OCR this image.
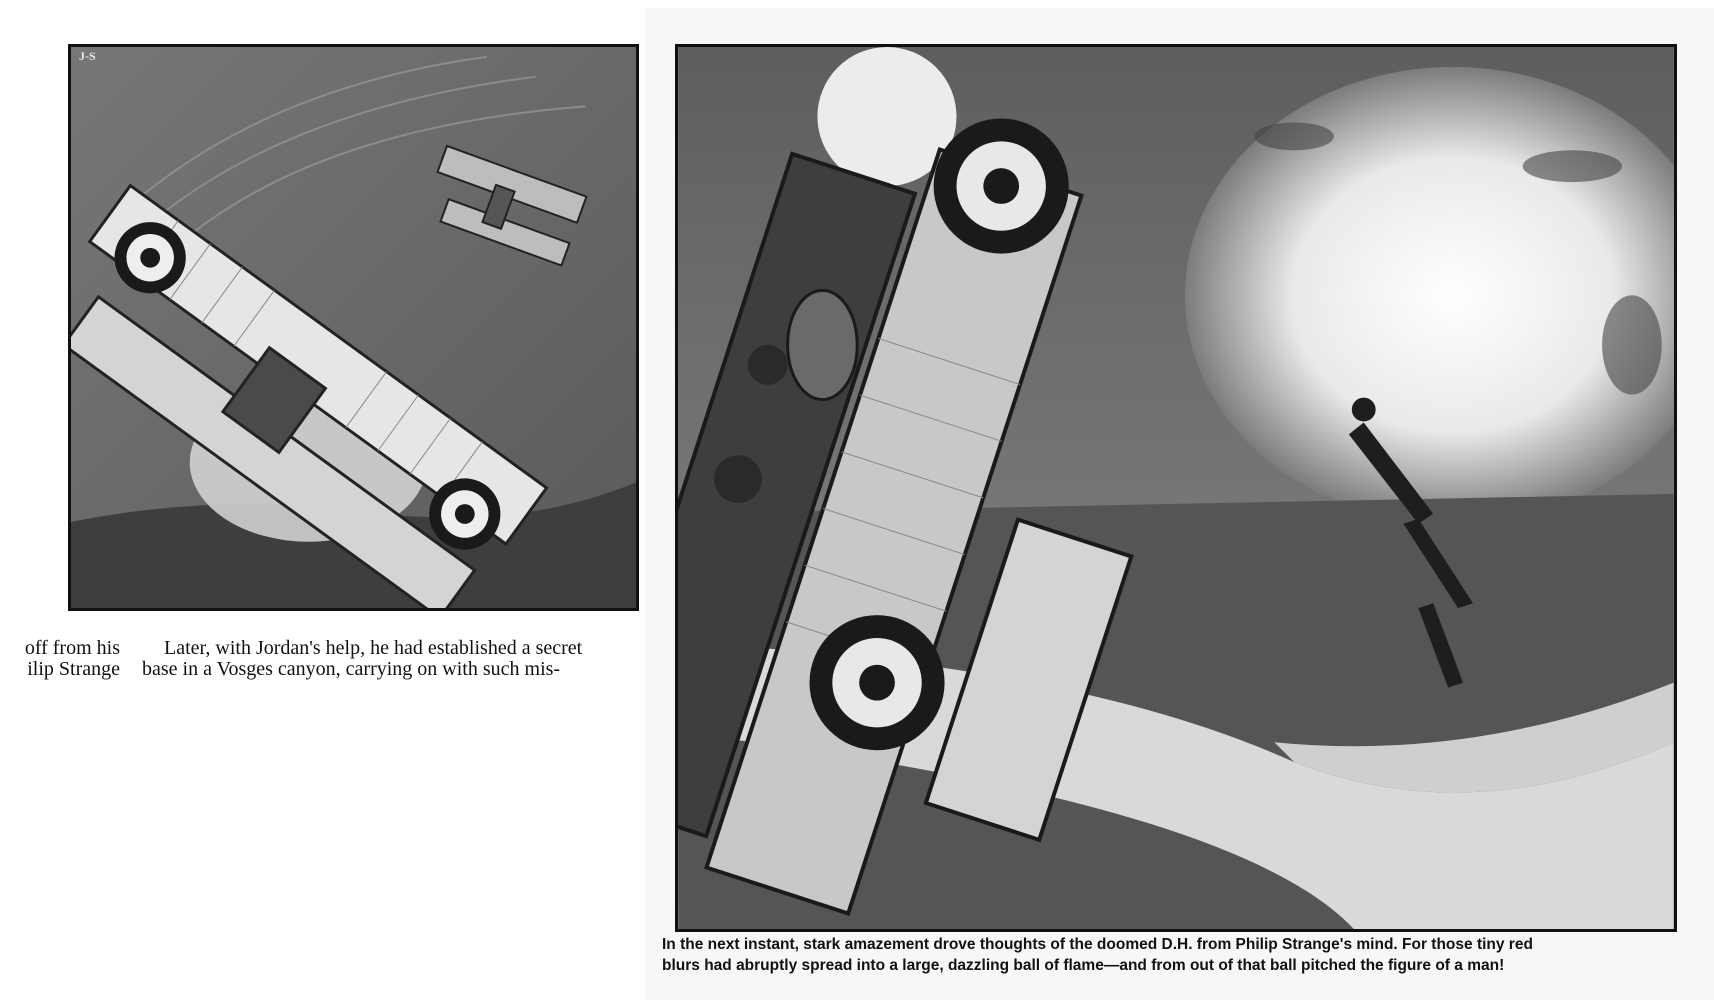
J-S
off from his
ilip Strange
Later, with Jordan's help, he had established a secret
base in a Vosges canyon, carrying on with such mis-
In the next instant, stark amazement drove thoughts of the doomed D.H. from Philip Strange's mind. For those tiny red
blurs had abruptly spread into a large, dazzling ball of flame—and from out of that ball pitched the figure of a man!
